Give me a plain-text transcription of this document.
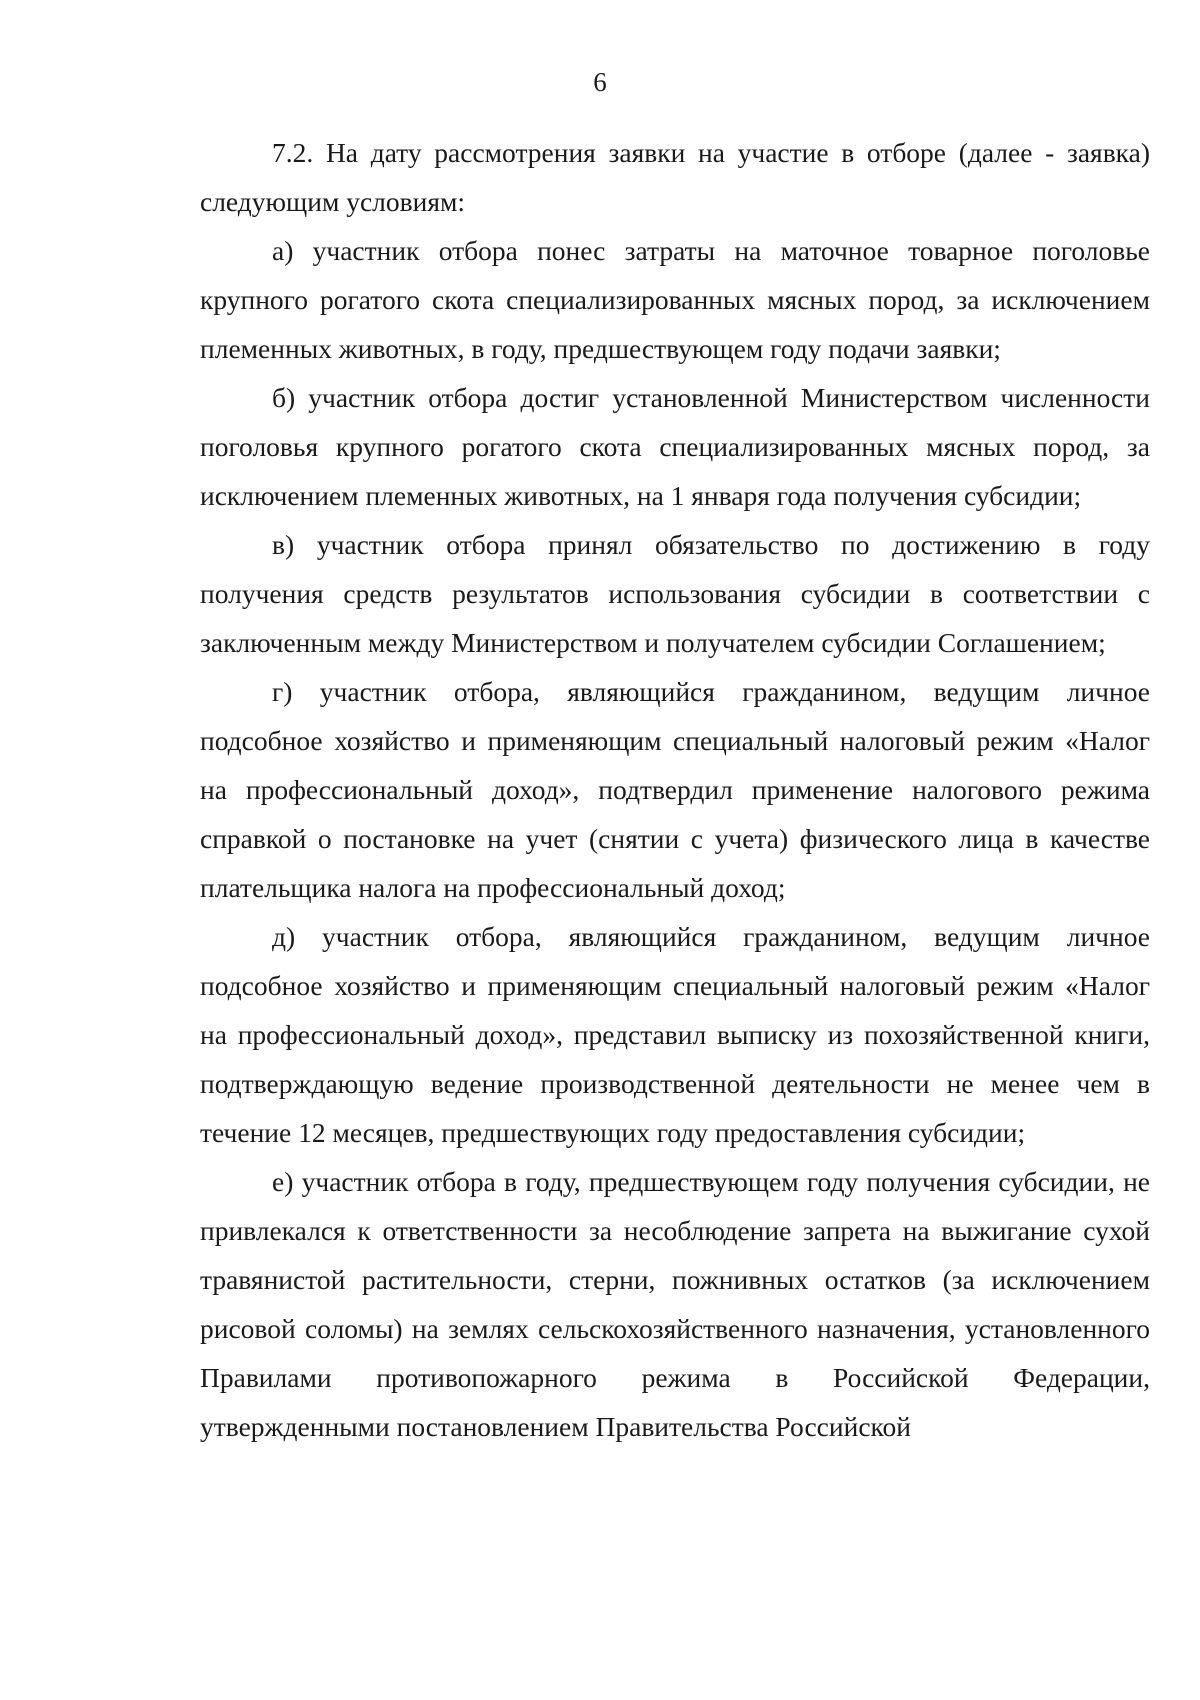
6

7.2. На дату рассмотрения заявки на участие в отборе (далее - заявка) следующим условиям:

а) участник отбора понес затраты на маточное товарное поголовье крупного рогатого скота специализированных мясных пород, за исключением племенных животных, в году, предшествующем году подачи заявки;

б) участник отбора достиг установленной Министерством численности поголовья крупного рогатого скота специализированных мясных пород, за исключением племенных животных, на 1 января года получения субсидии;

в) участник отбора принял обязательство по достижению в году получения средств результатов использования субсидии в соответствии с заключенным между Министерством и получателем субсидии Соглашением;

г) участник отбора, являющийся гражданином, ведущим личное подсобное хозяйство и применяющим специальный налоговый режим «Налог на профессиональный доход», подтвердил применение налогового режима справкой о постановке на учет (снятии с учета) физического лица в качестве плательщика налога на профессиональный доход;

д) участник отбора, являющийся гражданином, ведущим личное подсобное хозяйство и применяющим специальный налоговый режим «Налог на профессиональный доход», представил выписку из похозяйственной книги, подтверждающую ведение производственной деятельности не менее чем в течение 12 месяцев, предшествующих году предоставления субсидии;

е) участник отбора в году, предшествующем году получения субсидии, не привлекался к ответственности за несоблюдение запрета на выжигание сухой травянистой растительности, стерни, пожнивных остатков (за исключением рисовой соломы) на землях сельскохозяйственного назначения, установленного Правилами противопожарного режима в Российской Федерации, утвержденными постановлением Правительства Российской
